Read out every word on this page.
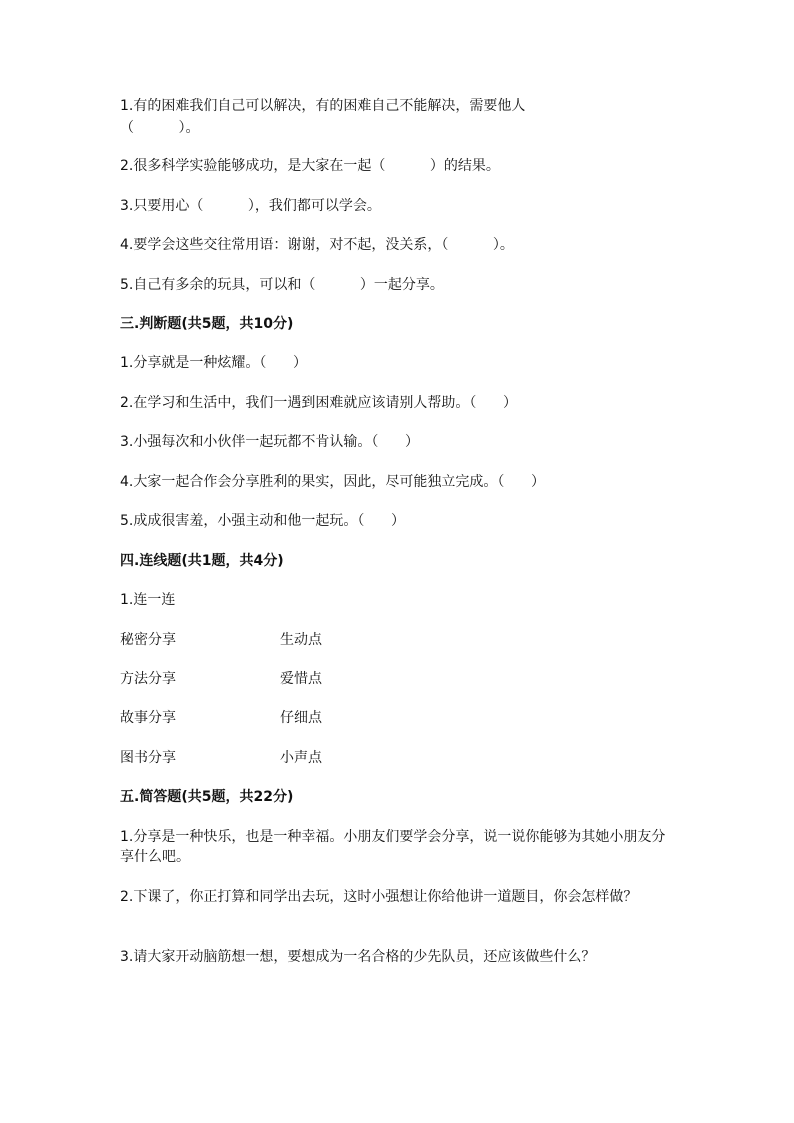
1.有的困难我们自己可以解决，有的困难自己不能解决，需要他人
（          ）。
2.很多科学实验能够成功，是大家在一起（          ）的结果。
3.只要用心（          ），我们都可以学会。
4.要学会这些交往常用语：谢谢，对不起，没关系，（          ）。
5.自己有多余的玩具，可以和（          ）一起分享。
三.判断题(共5题，共10分)
1.分享就是一种炫耀。（      ）
2.在学习和生活中，我们一遇到困难就应该请别人帮助。（      ）
3.小强每次和小伙伴一起玩都不肯认输。（      ）
4.大家一起合作会分享胜利的果实，因此，尽可能独立完成。（      ）
5.成成很害羞，小强主动和他一起玩。（      ）
四.连线题(共1题，共4分)
1.连一连
秘密分享	生动点
方法分享	爱惜点
故事分享	仔细点
图书分享	小声点
五.简答题(共5题，共22分)
1.分享是一种快乐，也是一种幸福。小朋友们要学会分享，说一说你能够为其她小朋友分享什么吧。
2.下课了，你正打算和同学出去玩，这时小强想让你给他讲一道题目，你会怎样做？
3.请大家开动脑筋想一想，要想成为一名合格的少先队员，还应该做些什么？
